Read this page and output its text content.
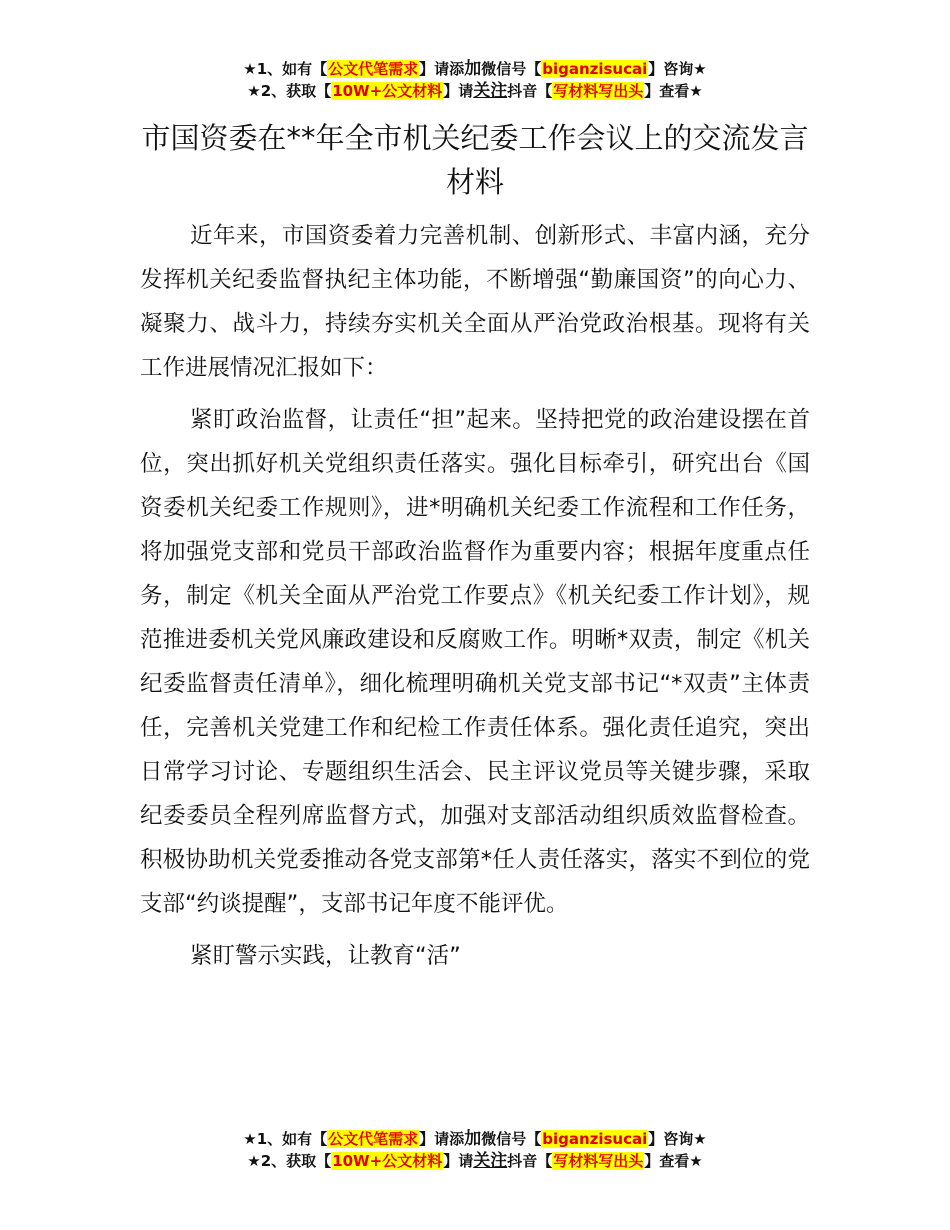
★1、如有【公文代笔需求】请添加微信号【biganzisucai】咨询★
★2、获取【10W+公文材料】请关注抖音【写材料写出头】查看★
市国资委在**年全市机关纪委工作会议上的交流发言材料

近年来，市国资委着力完善机制、创新形式、丰富内涵，充分发挥机关纪委监督执纪主体功能，不断增强“勤廉国资”的向心力、凝聚力、战斗力，持续夯实机关全面从严治党政治根基。现将有关工作进展情况汇报如下：

紧盯政治监督，让责任“担”起来。坚持把党的政治建设摆在首位，突出抓好机关党组织责任落实。强化目标牵引，研究出台《国资委机关纪委工作规则》，进*明确机关纪委工作流程和工作任务，将加强党支部和党员干部政治监督作为重要内容；根据年度重点任务，制定《机关全面从严治党工作要点》《机关纪委工作计划》，规范推进委机关党风廉政建设和反腐败工作。明晰*双责，制定《机关纪委监督责任清单》，细化梳理明确机关党支部书记“*双责”主体责任，完善机关党建工作和纪检工作责任体系。强化责任追究，突出日常学习讨论、专题组织生活会、民主评议党员等关键步骤，采取纪委委员全程列席监督方式，加强对支部活动组织质效监督检查。积极协助机关党委推动各党支部第*任人责任落实，落实不到位的党支部“约谈提醒”，支部书记年度不能评优。

紧盯警示实践，让教育“活”

★1、如有【公文代笔需求】请添加微信号【biganzisucai】咨询★
★2、获取【10W+公文材料】请关注抖音【写材料写出头】查看★
